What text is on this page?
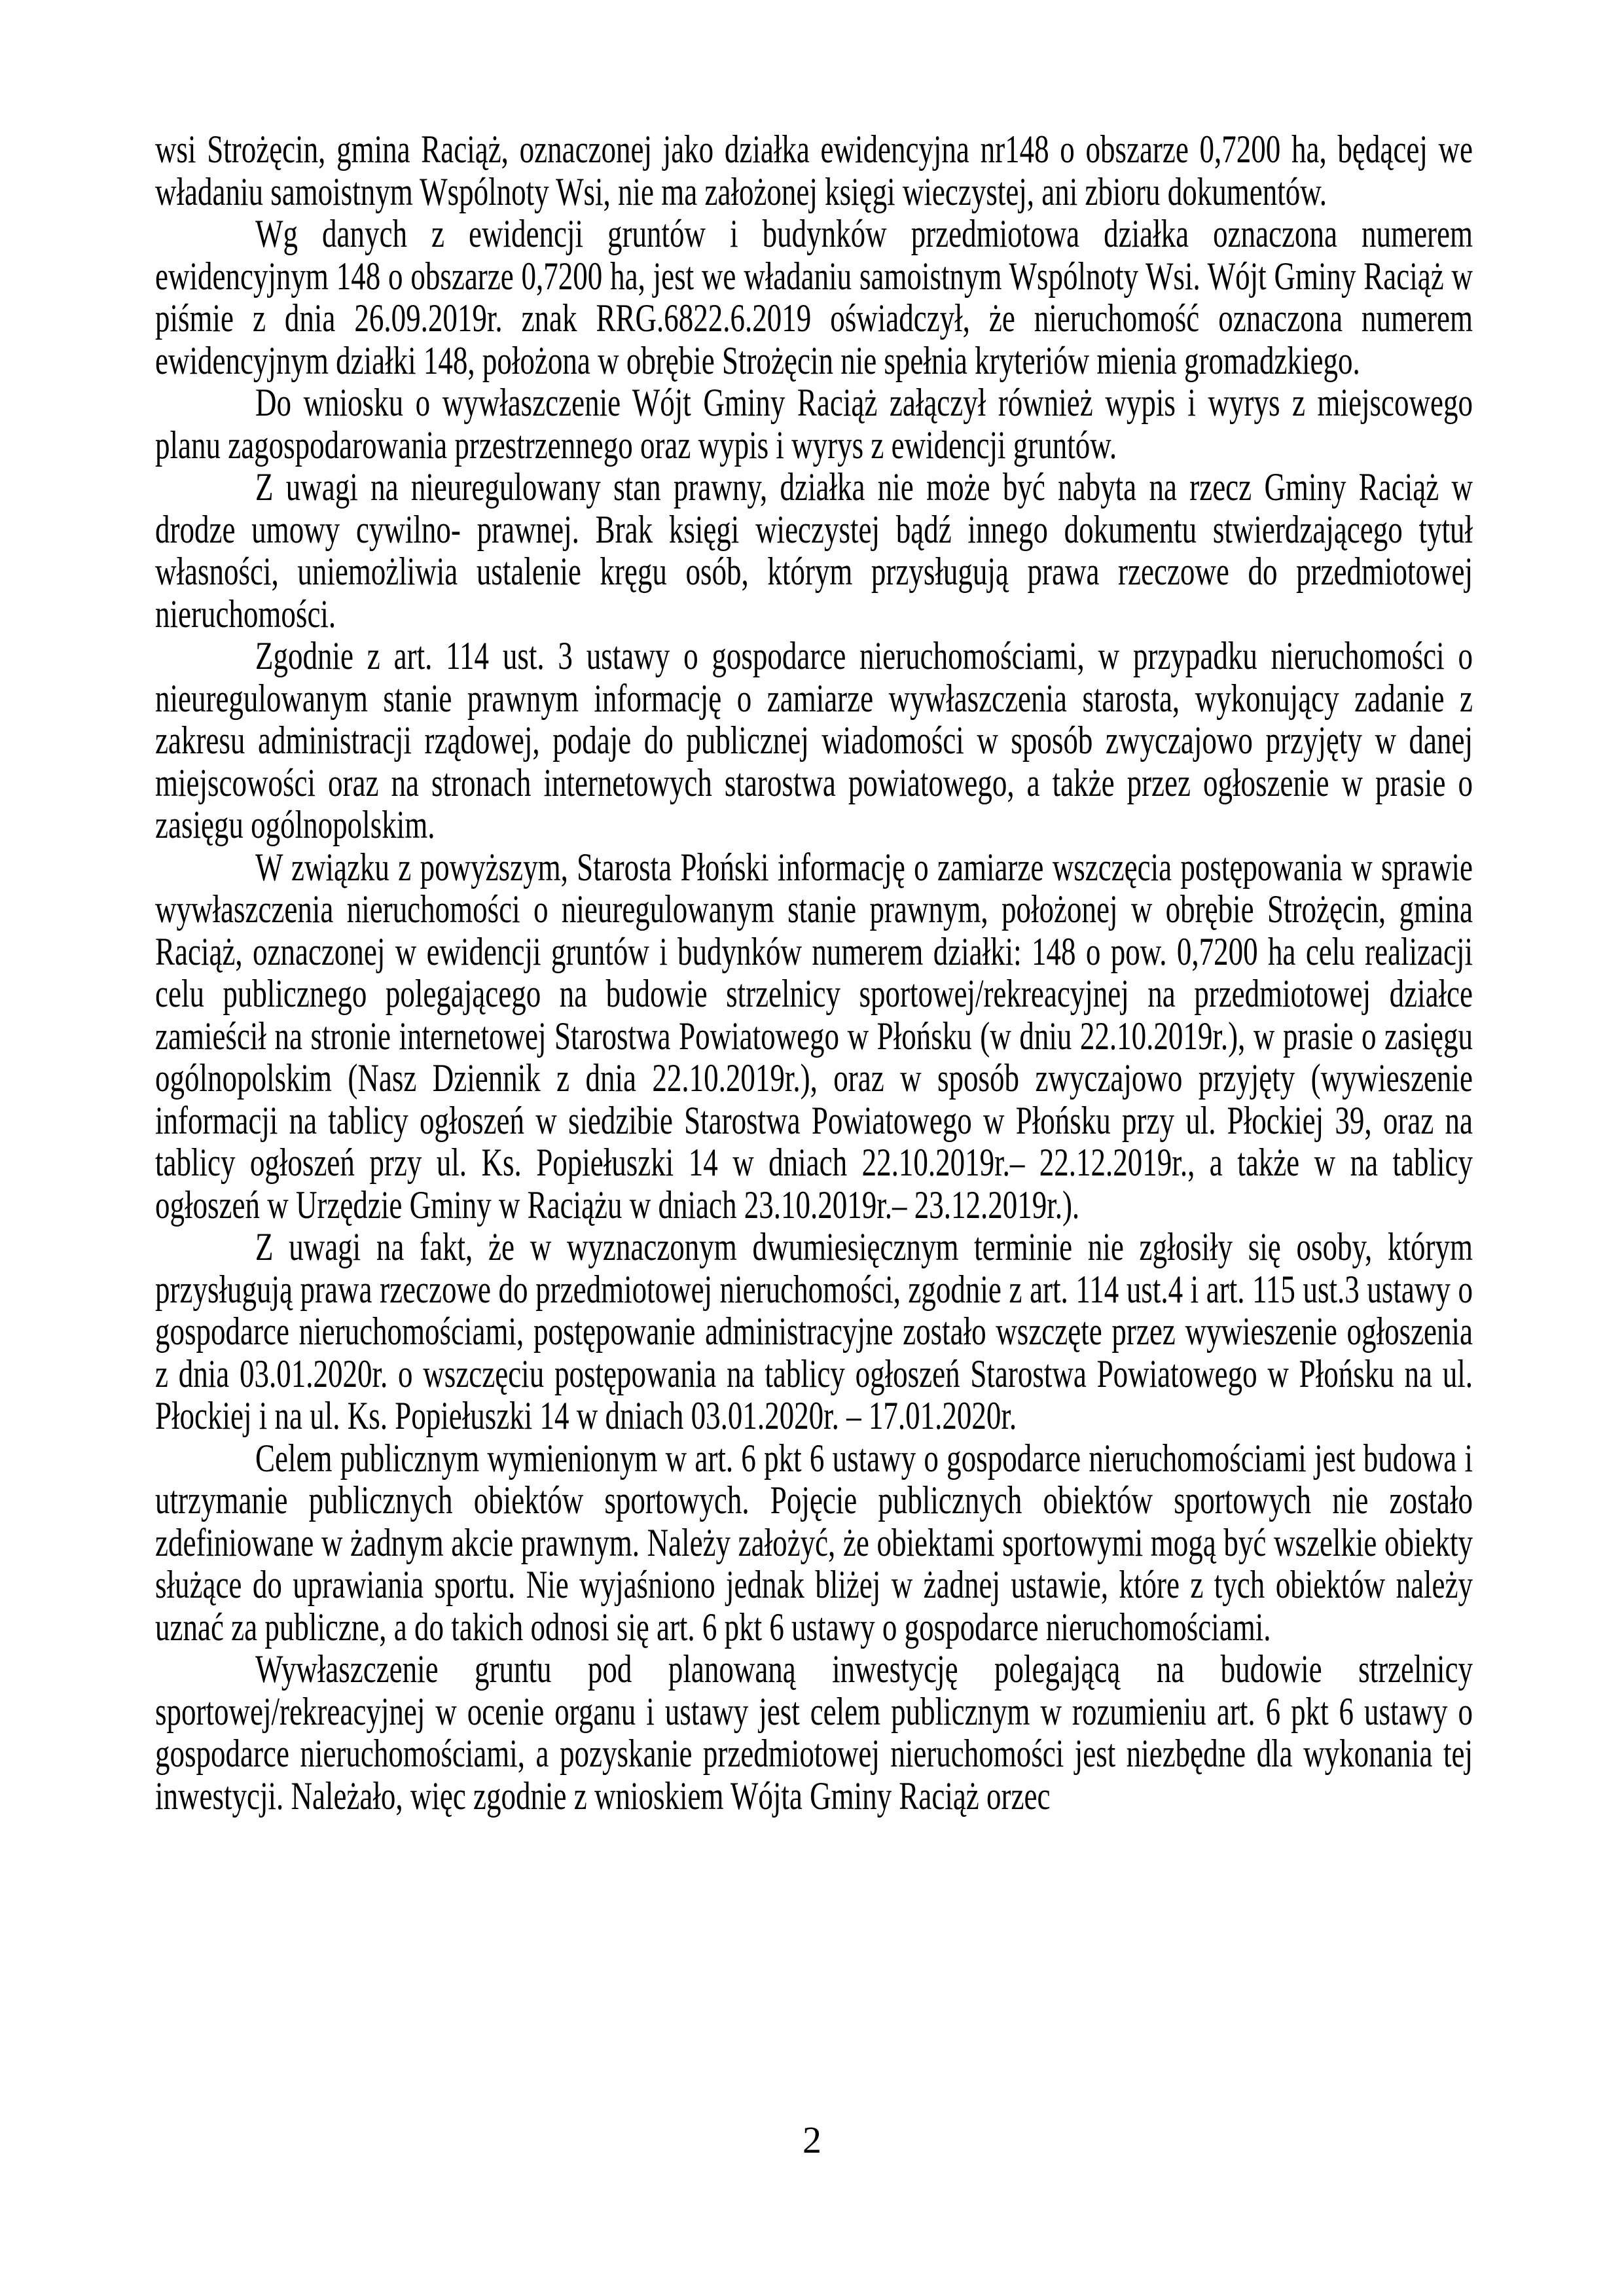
wsi Strożęcin, gmina Raciąż, oznaczonej jako działka ewidencyjna nr148 o obszarze 0,7200 ha, będącej we władaniu samoistnym Wspólnoty Wsi, nie ma założonej księgi wieczystej, ani zbioru dokumentów.

Wg danych z ewidencji gruntów i budynków przedmiotowa działka oznaczona numerem ewidencyjnym 148 o obszarze 0,7200 ha, jest we władaniu samoistnym Wspólnoty Wsi. Wójt Gminy Raciąż w piśmie z dnia 26.09.2019r. znak RRG.6822.6.2019 oświadczył, że nieruchomość oznaczona numerem ewidencyjnym działki 148, położona w obrębie Strożęcin nie spełnia kryteriów mienia gromadzkiego.

Do wniosku o wywłaszczenie Wójt Gminy Raciąż załączył również wypis i wyrys z miejscowego planu zagospodarowania przestrzennego oraz wypis i wyrys z ewidencji gruntów.

Z uwagi na nieuregulowany stan prawny, działka nie może być nabyta na rzecz Gminy Raciąż w drodze umowy cywilno- prawnej. Brak księgi wieczystej bądź innego dokumentu stwierdzającego tytuł własności, uniemożliwia ustalenie kręgu osób, którym przysługują prawa rzeczowe do przedmiotowej nieruchomości.

Zgodnie z art. 114 ust. 3 ustawy o gospodarce nieruchomościami, w przypadku nieruchomości o nieuregulowanym stanie prawnym informację o zamiarze wywłaszczenia starosta, wykonujący zadanie z zakresu administracji rządowej, podaje do publicznej wiadomości w sposób zwyczajowo przyjęty w danej miejscowości oraz na stronach internetowych starostwa powiatowego, a także przez ogłoszenie w prasie o zasięgu ogólnopolskim.

W związku z powyższym, Starosta Płoński informację o zamiarze wszczęcia postępowania w sprawie wywłaszczenia nieruchomości o nieuregulowanym stanie prawnym, położonej w obrębie Strożęcin, gmina Raciąż, oznaczonej w ewidencji gruntów i budynków numerem działki: 148 o pow. 0,7200 ha celu realizacji celu publicznego polegającego na budowie strzelnicy sportowej/rekreacyjnej na przedmiotowej działce zamieścił na stronie internetowej Starostwa Powiatowego w Płońsku (w dniu 22.10.2019r.), w prasie o zasięgu ogólnopolskim (Nasz Dziennik z dnia 22.10.2019r.), oraz w sposób zwyczajowo przyjęty (wywieszenie informacji na tablicy ogłoszeń w siedzibie Starostwa Powiatowego w Płońsku przy ul. Płockiej 39, oraz na tablicy ogłoszeń przy ul. Ks. Popiełuszki 14 w dniach 22.10.2019r.– 22.12.2019r., a także w na tablicy ogłoszeń w Urzędzie Gminy w Raciążu w dniach 23.10.2019r.– 23.12.2019r.).

Z uwagi na fakt, że w wyznaczonym dwumiesięcznym terminie nie zgłosiły się osoby, którym przysługują prawa rzeczowe do przedmiotowej nieruchomości, zgodnie z art. 114 ust.4 i art. 115 ust.3 ustawy o gospodarce nieruchomościami, postępowanie administracyjne zostało wszczęte przez wywieszenie ogłoszenia z dnia 03.01.2020r. o wszczęciu postępowania na tablicy ogłoszeń Starostwa Powiatowego w Płońsku na ul. Płockiej i na ul. Ks. Popiełuszki 14 w dniach 03.01.2020r. – 17.01.2020r.

Celem publicznym wymienionym w art. 6 pkt 6 ustawy o gospodarce nieruchomościami jest budowa i utrzymanie publicznych obiektów sportowych. Pojęcie publicznych obiektów sportowych nie zostało zdefiniowane w żadnym akcie prawnym. Należy założyć, że obiektami sportowymi mogą być wszelkie obiekty służące do uprawiania sportu. Nie wyjaśniono jednak bliżej w żadnej ustawie, które z tych obiektów należy uznać za publiczne, a do takich odnosi się art. 6 pkt 6 ustawy o gospodarce nieruchomościami.

Wywłaszczenie gruntu pod planowaną inwestycję polegającą na budowie strzelnicy sportowej/rekreacyjnej w ocenie organu i ustawy jest celem publicznym w rozumieniu art. 6 pkt 6 ustawy o gospodarce nieruchomościami, a pozyskanie przedmiotowej nieruchomości jest niezbędne dla wykonania tej inwestycji. Należało, więc zgodnie z wnioskiem Wójta Gminy Raciąż orzec

2
